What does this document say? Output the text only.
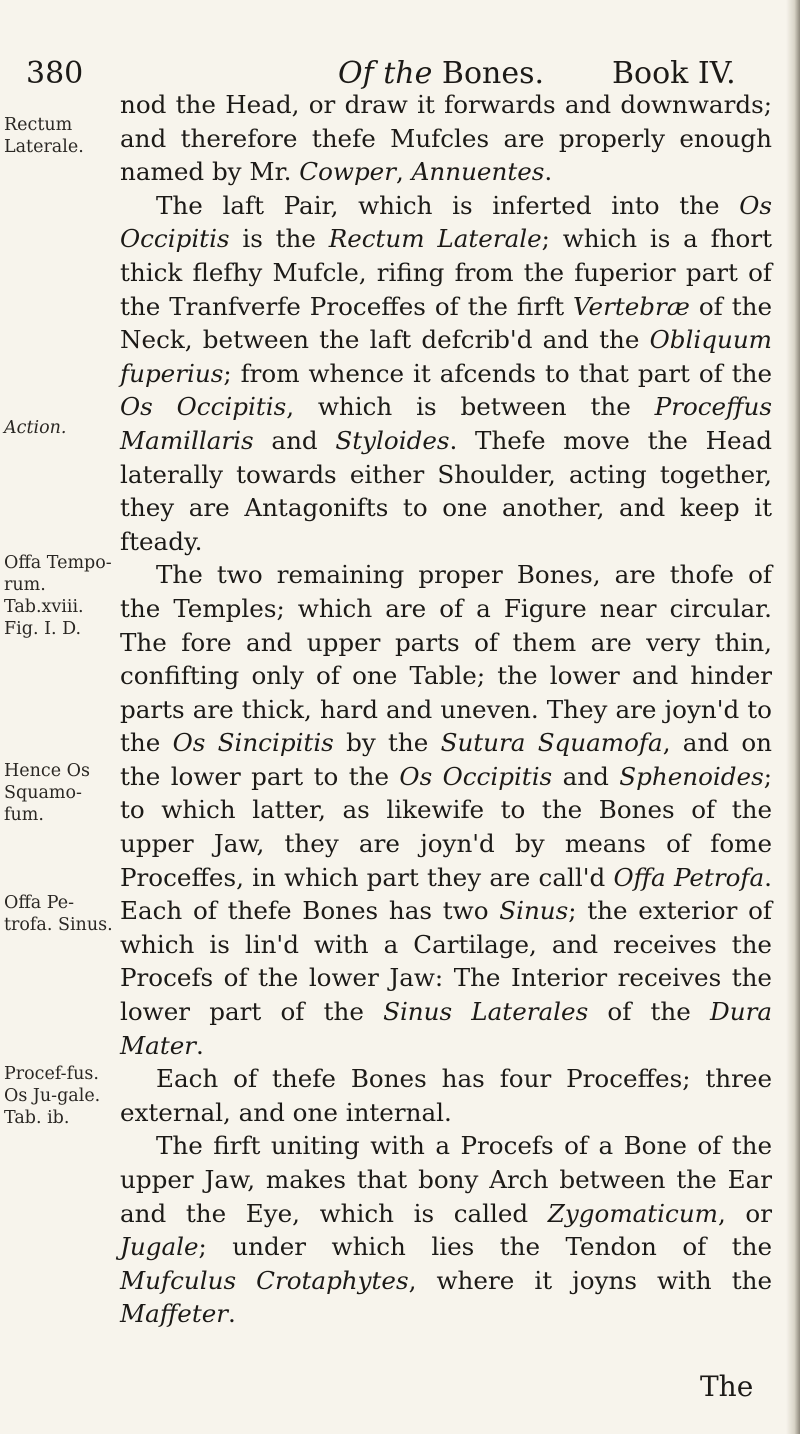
380	Of the Bones. Book IV.
Rectum Laterale.
Action.
Offa Tempo-rum. Tab.xviii. Fig. I. D.
Hence Os Squamo-fum.
Offa Pe-trofa. Sinus.
Procef-fus. Os Ju-gale. Tab. ib.

nod the Head, or draw it forwards and downwards; and therefore thefe Mufcles are properly enough named by Mr. Cowper, Annuentes.

The laft Pair, which is inferted into the Os Occipitis is the Rectum Laterale; which is a fhort thick flefhy Mufcle, rifing from the fuperior part of the Tranfverfe Proceffes of the firft Vertebræ of the Neck, between the laft defcrib'd and the Obliquum fuperius; from whence it afcends to that part of the Os Occipitis, which is between the Proceffus Mamillaris and Styloides. Thefe move the Head laterally towards either Shoulder, acting together, they are Antagonifts to one another, and keep it fteady.

The two remaining proper Bones, are thofe of the Temples; which are of a Figure near circular. The fore and upper parts of them are very thin, confifting only of one Table; the lower and hinder parts are thick, hard and uneven. They are joyn'd to the Os Sincipitis by the Sutura Squamofa, and on the lower part to the Os Occipitis and Sphenoides; to which latter, as likewife to the Bones of the upper Jaw, they are joyn'd by means of fome Proceffes, in which part they are call'd Offa Petrofa. Each of thefe Bones has two Sinus; the exterior of which is lin'd with a Cartilage, and receives the Procefs of the lower Jaw: The Interior receives the lower part of the Sinus Laterales of the Dura Mater.

Each of thefe Bones has four Proceffes; three external, and one internal.

The firft uniting with a Procefs of a Bone of the upper Jaw, makes that bony Arch between the Ear and the Eye, which is called Zygomaticum, or Jugale; under which lies the Tendon of the Mufculus Crotaphytes, where it joyns with the Maffeter.

The
